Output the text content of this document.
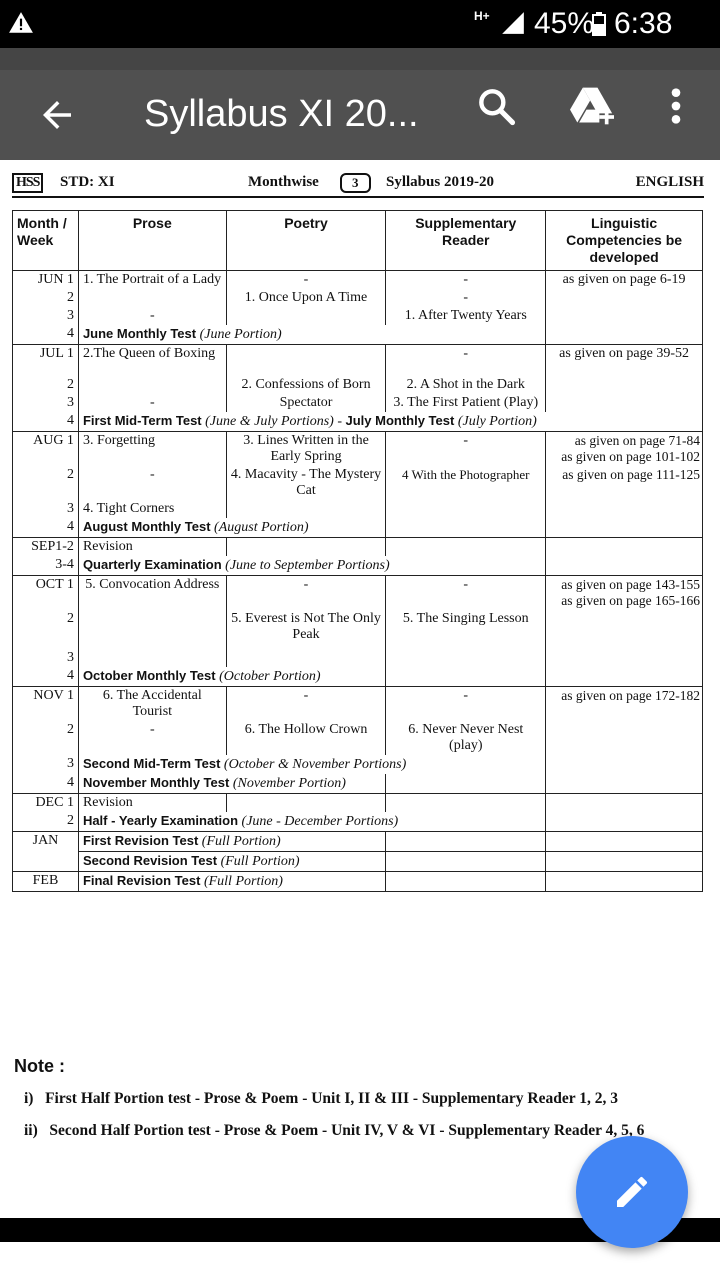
H+ 45% 6:38
Syllabus XI 20...
HSS STD: XI	Monthwise	3	Syllabus 2019-20	ENGLISH
Month / Week	Prose	Poetry	Supplementary Reader	Linguistic Competencies be developed
JUN 1	1. The Portrait of a Lady	-	-	as given on page 6-19
2		1. Once Upon A Time	-	
3	-		1. After Twenty Years	
4	June Monthly Test (June Portion)			
JUL 1	2.The Queen of Boxing		-	as given on page 39-52
2		2. Confessions of Born	2. A Shot in the Dark	
3	-	Spectator	3. The First Patient (Play)	
4	First Mid-Term Test (June & July Portions) - July Monthly Test (July Portion)			
AUG 1	3. Forgetting	3. Lines Written in the Early Spring	-	as given on page 71-84
as given on page 101-102

2	-	4. Macavity - The Mystery Cat	4 With the Photographer	as given on page 111-125
3	4. Tight Corners			
4	August Monthly Test (August Portion)			
SEP1-2	Revision			
3-4	Quarterly Examination (June to September Portions)			
OCT 1	5. Convocation Address	-	-	as given on page 143-155
as given on page 165-166

2		5. Everest is Not The Only Peak	5. The Singing Lesson	
3				
4	October Monthly Test (October Portion)			
NOV 1	6. The Accidental Tourist	-	-	as given on page 172-182
2	-	6. The Hollow Crown	6. Never Never Nest (play)	
3	Second Mid-Term Test (October & November Portions)			
4	November Monthly Test (November Portion)			
DEC 1	Revision			
2	Half - Yearly Examination (June - December Portions)			
JAN	First Revision Test (Full Portion)			
	Second Revision Test (Full Portion)			
FEB	Final Revision Test (Full Portion)			
Note :
i) First Half Portion test - Prose & Poem - Unit I, II & III - Supplementary Reader 1, 2, 3
ii) Second Half Portion test - Prose & Poem - Unit IV, V & VI - Supplementary Reader 4, 5, 6
